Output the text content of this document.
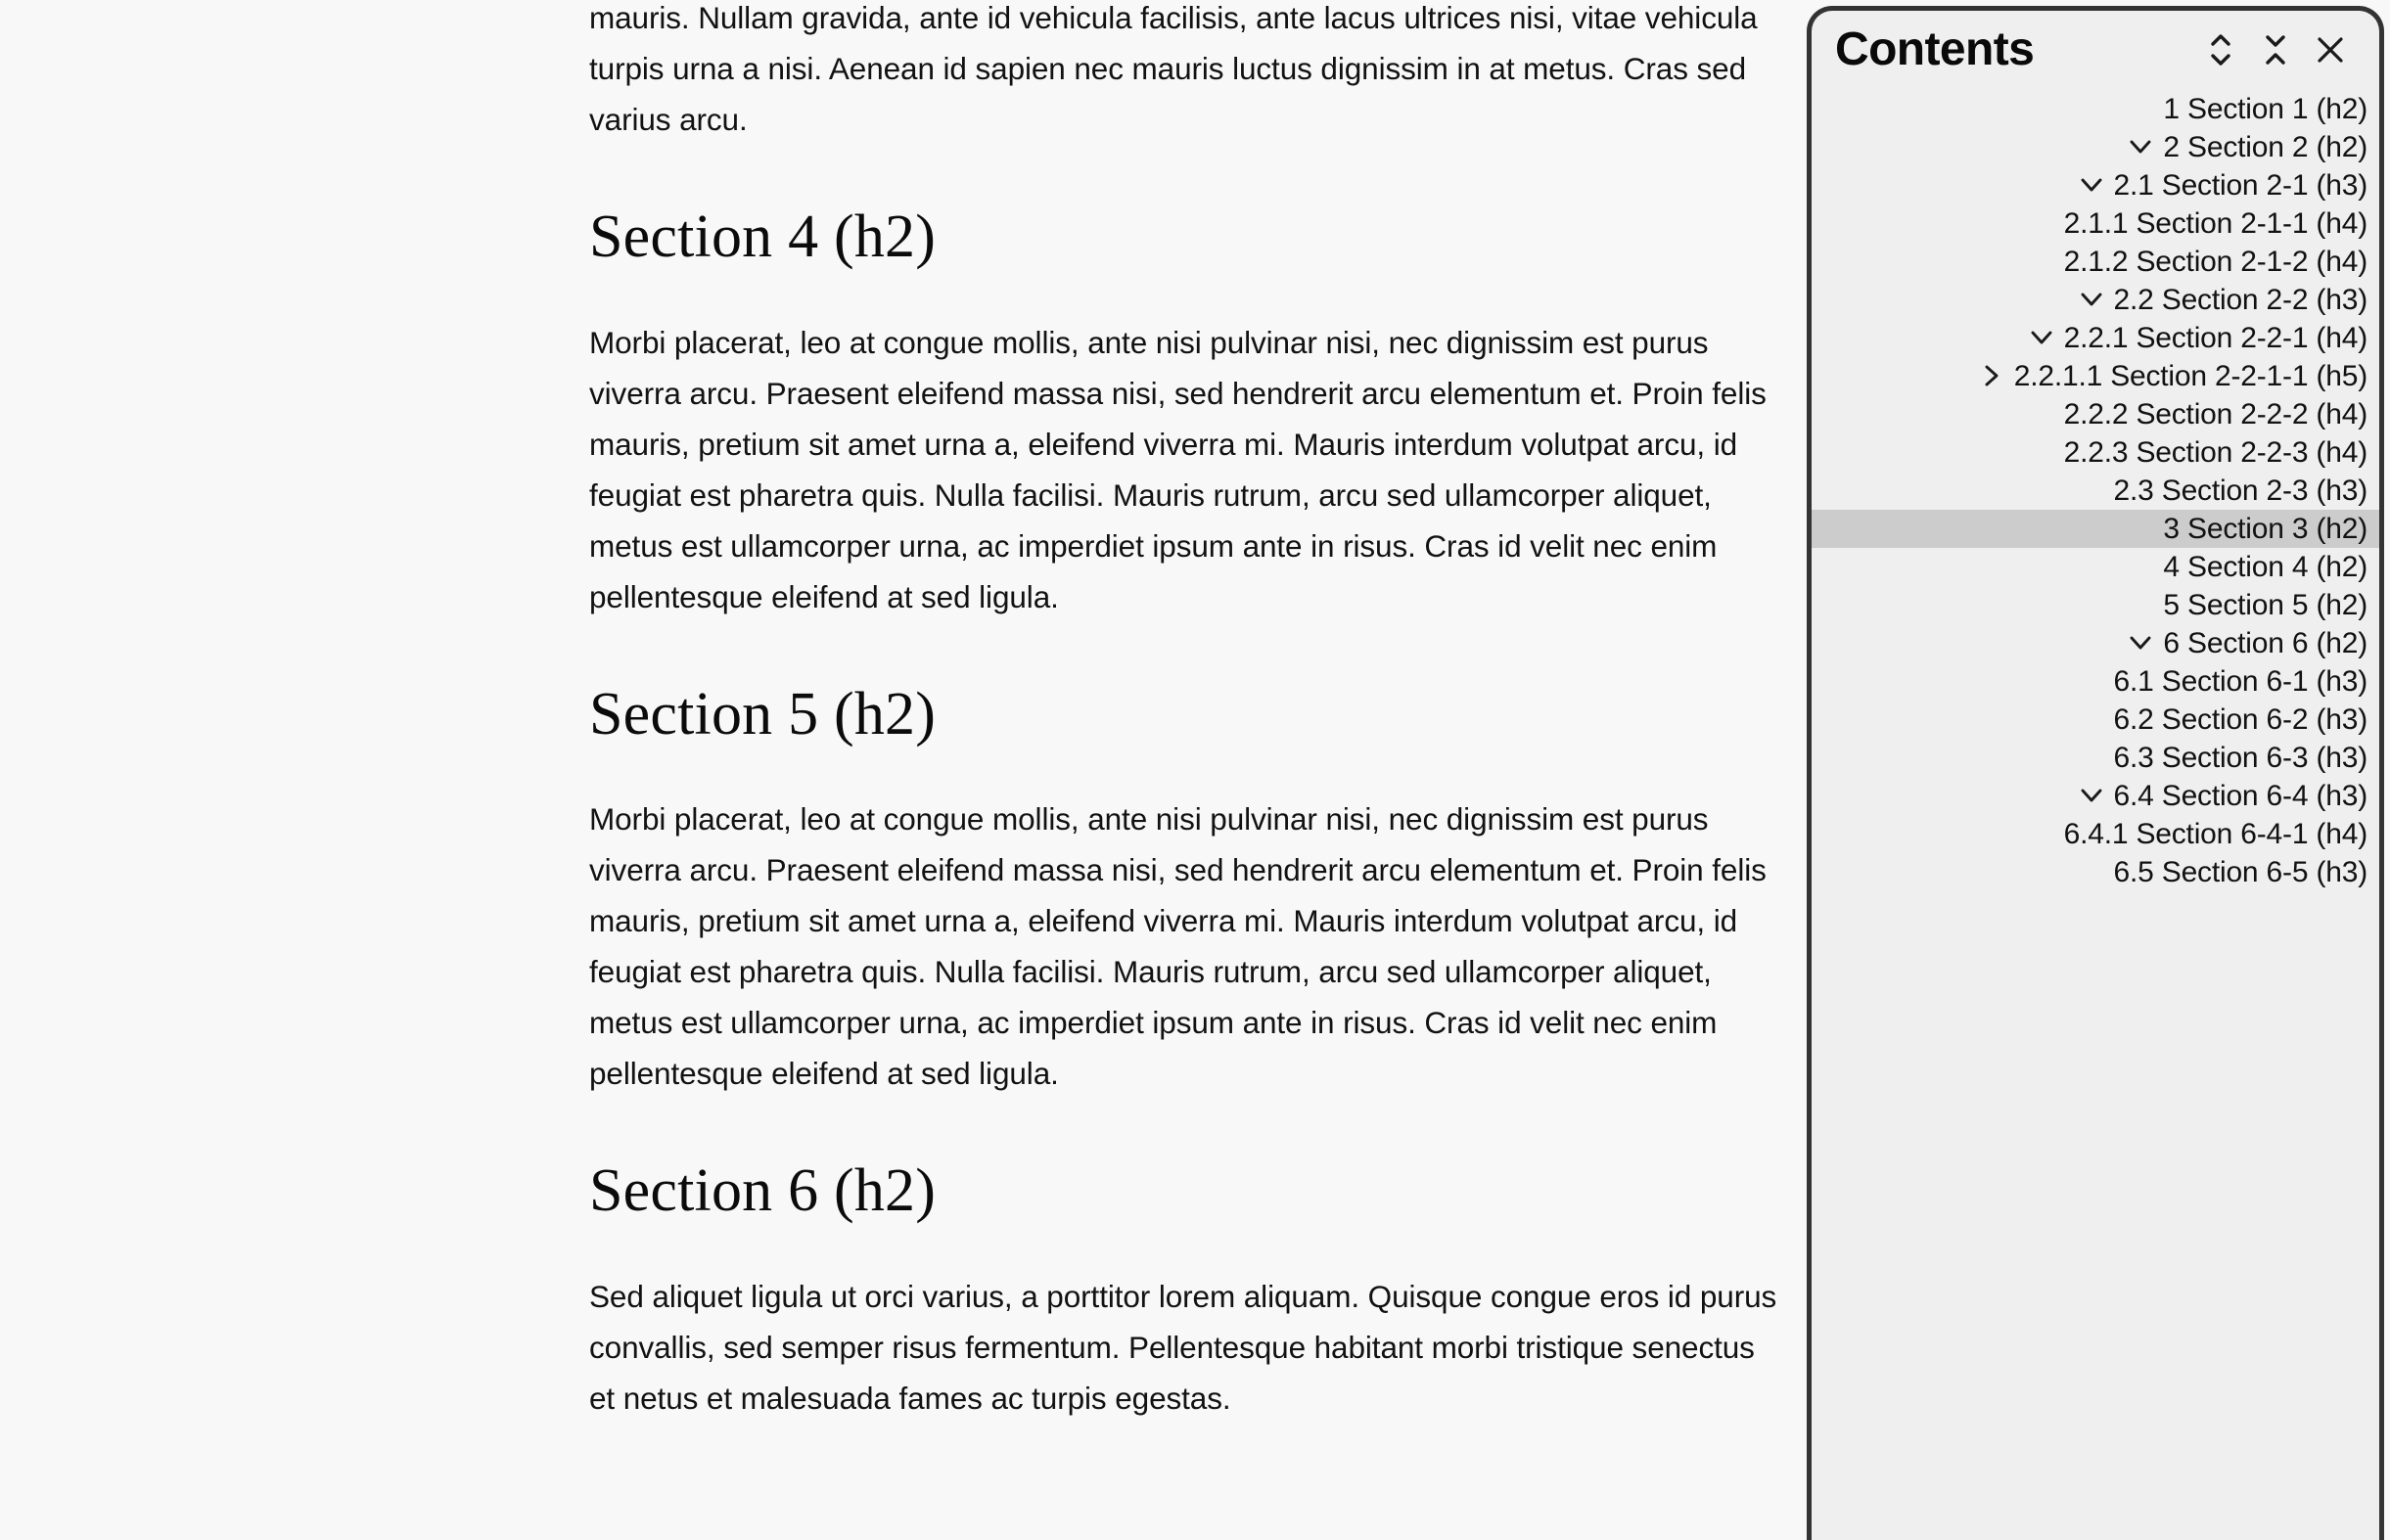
mauris. Nullam gravida, ante id vehicula facilisis, ante lacus ultrices nisi, vitae vehicula turpis urna a nisi. Aenean id sapien nec mauris luctus dignissim in at metus. Cras sed varius arcu.

Section 4 (h2)

Morbi placerat, leo at congue mollis, ante nisi pulvinar nisi, nec dignissim est purus viverra arcu. Praesent eleifend massa nisi, sed hendrerit arcu elementum et. Proin felis mauris, pretium sit amet urna a, eleifend viverra mi. Mauris interdum volutpat arcu, id feugiat est pharetra quis. Nulla facilisi. Mauris rutrum, arcu sed ullamcorper aliquet, metus est ullamcorper urna, ac imperdiet ipsum ante in risus. Cras id velit nec enim pellentesque eleifend at sed ligula.

Section 5 (h2)

Morbi placerat, leo at congue mollis, ante nisi pulvinar nisi, nec dignissim est purus viverra arcu. Praesent eleifend massa nisi, sed hendrerit arcu elementum et. Proin felis mauris, pretium sit amet urna a, eleifend viverra mi. Mauris interdum volutpat arcu, id feugiat est pharetra quis. Nulla facilisi. Mauris rutrum, arcu sed ullamcorper aliquet, metus est ullamcorper urna, ac imperdiet ipsum ante in risus. Cras id velit nec enim pellentesque eleifend at sed ligula.

Section 6 (h2)

Sed aliquet ligula ut orci varius, a porttitor lorem aliquam. Quisque congue eros id purus convallis, sed semper risus fermentum. Pellentesque habitant morbi tristique senectus et netus et malesuada fames ac turpis egestas.

Contents
1 Section 1 (h2)
2 Section 2 (h2)
2.1 Section 2-1 (h3)
2.1.1 Section 2-1-1 (h4)
2.1.2 Section 2-1-2 (h4)
2.2 Section 2-2 (h3)
2.2.1 Section 2-2-1 (h4)
2.2.1.1 Section 2-2-1-1 (h5)
2.2.2 Section 2-2-2 (h4)
2.2.3 Section 2-2-3 (h4)
2.3 Section 2-3 (h3)
3 Section 3 (h2)
4 Section 4 (h2)
5 Section 5 (h2)
6 Section 6 (h2)
6.1 Section 6-1 (h3)
6.2 Section 6-2 (h3)
6.3 Section 6-3 (h3)
6.4 Section 6-4 (h3)
6.4.1 Section 6-4-1 (h4)
6.5 Section 6-5 (h3)
